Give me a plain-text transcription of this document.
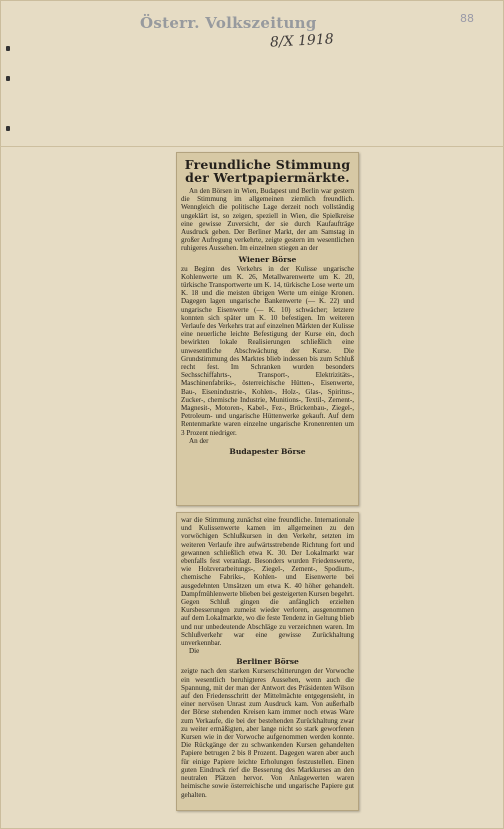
Österr. Volkszeitung
8/X 1918
88
Freundliche Stimmung der Wertpapiermärkte.

An den Börsen in Wien, Budapest und Berlin war gestern die Stimmung im allgemeinen ziemlich freundlich. Wenngleich die politische Lage derzeit noch vollständig ungeklärt ist, so zeigen, speziell in Wien, die Spielkreise eine gewisse Zuversicht, der sie durch Kaufaufträge Ausdruck geben. Der Berliner Markt, der am Samstag in großer Aufregung verkehrte, zeigte gestern im wesentlichen ruhigeres Aussehen. Im einzelnen stiegen an der

Wiener Börse

zu Beginn des Verkehrs in der Kulisse ungarische Kohlenwerte um K. 26, Metallwarenwerte um K. 20, türkische Transportwerte um K. 14, türkische Lose werte um K. 18 und die meisten übrigen Werte um einige Kronen. Dagegen lagen ungarische Bankenwerte (— K. 22) und ungarische Eisenwerte (— K. 10) schwächer; letztere konnten sich später um K. 10 befestigen. Im weiteren Verlaufe des Verkehrs trat auf einzelnen Märkten der Kulisse eine neuerliche leichte Befestigung der Kurse ein, doch bewirkten lokale Realisierungen schließlich eine unwesentliche Abschwächung der Kurse. Die Grundstimmung des Marktes blieb indessen bis zum Schluß recht fest. Im Schranken wurden besonders Sechsschiffahrts-, Transport-, Elektrizitäts-, Maschinenfabriks-, österreichische Hütten-, Eisenwerte, Bau-, Eisenindustrie-, Kohlen-, Holz-, Glas-, Spiritus-, Zucker-, chemische Industrie, Munitions-, Textil-, Zement-, Magnesit-, Motoren-, Kabel-, Fez-, Brückenbau-, Ziegel-, Petroleum- und ungarische Hüttenwerke gekauft. Auf dem Rentenmarkte waren einzelne ungarische Kronenrenten um 3 Prozent niedriger.

An der

Budapester Börse

war die Stimmung zunächst eine freundliche. Internationale und Kulissenwerte kamen im allgemeinen zu den vorwöchigen Schlußkursen in den Verkehr, setzten im weiteren Verlaufe ihre aufwärtsstrebende Richtung fort und gewannen schließlich etwa K. 30. Der Lokalmarkt war ebenfalls fest veranlagt. Besonders wurden Friedenswerte, wie Holzverarbeitungs-, Ziegel-, Zement-, Spodium-, chemische Fabriks-, Kohlen- und Eisenwerte bei ausgedehnten Umsätzen um etwa K. 40 höher gehandelt. Dampfmühlenwerte blieben bei gesteigerten Kursen begehrt. Gegen Schluß gingen die anfänglich erzielten Kursbesserungen zumeist wieder verloren, ausgenommen auf dem Lokalmarkte, wo die feste Tendenz in Geltung blieb und nur unbedeutende Abschläge zu verzeichnen waren. Im Schlußverkehr war eine gewisse Zurückhaltung unverkennbar.

Die

Berliner Börse

zeigte nach den starken Kurserschütterungen der Vorwoche ein wesentlich beruhigteres Aussehen, wenn auch die Spannung, mit der man der Antwort des Präsidenten Wilson auf den Friedensschritt der Mittelmächte entgegensieht, in einer nervösen Unrast zum Ausdruck kam. Von außerhalb der Börse stehenden Kreisen kam immer noch etwas Ware zum Verkaufe, die bei der bestehenden Zurückhaltung zwar zu weiter ermäßigten, aber lange nicht so stark geworfenen Kursen wie in der Vorwoche aufgenommen werden konnte. Die Rückgänge der zu schwankenden Kursen gehandelten Papiere betrugen 2 bis 8 Prozent. Dagegen waren aber auch für einige Papiere leichte Erholungen festzustellen. Einen guten Eindruck rief die Besserung des Markkurses an den neutralen Plätzen hervor. Von Anlagewerten waren heimische sowie österreichische und ungarische Papiere gut gehalten.
